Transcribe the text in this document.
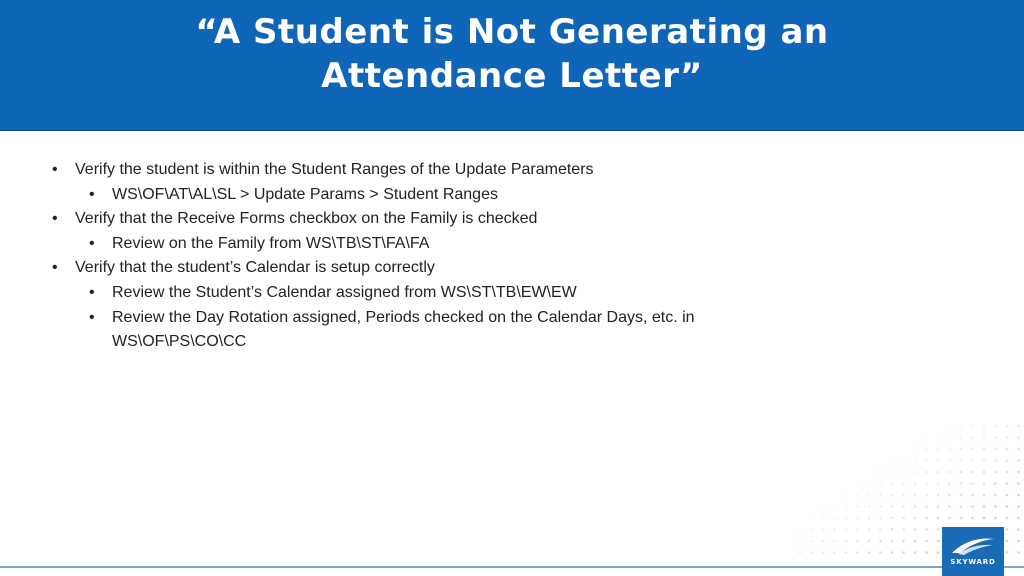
“A Student is Not Generating an
Attendance Letter”
• Verify the student is within the Student Ranges of the Update Parameters
• WS\OF\AT\AL\SL > Update Params > Student Ranges
• Verify that the Receive Forms checkbox on the Family is checked
• Review on the Family from WS\TB\ST\FA\FA
• Verify that the student’s Calendar is setup correctly
• Review the Student’s Calendar assigned from WS\ST\TB\EW\EW
• Review the Day Rotation assigned, Periods checked on the Calendar Days, etc. in WS\OF\PS\CO\CC
SKYWARD
